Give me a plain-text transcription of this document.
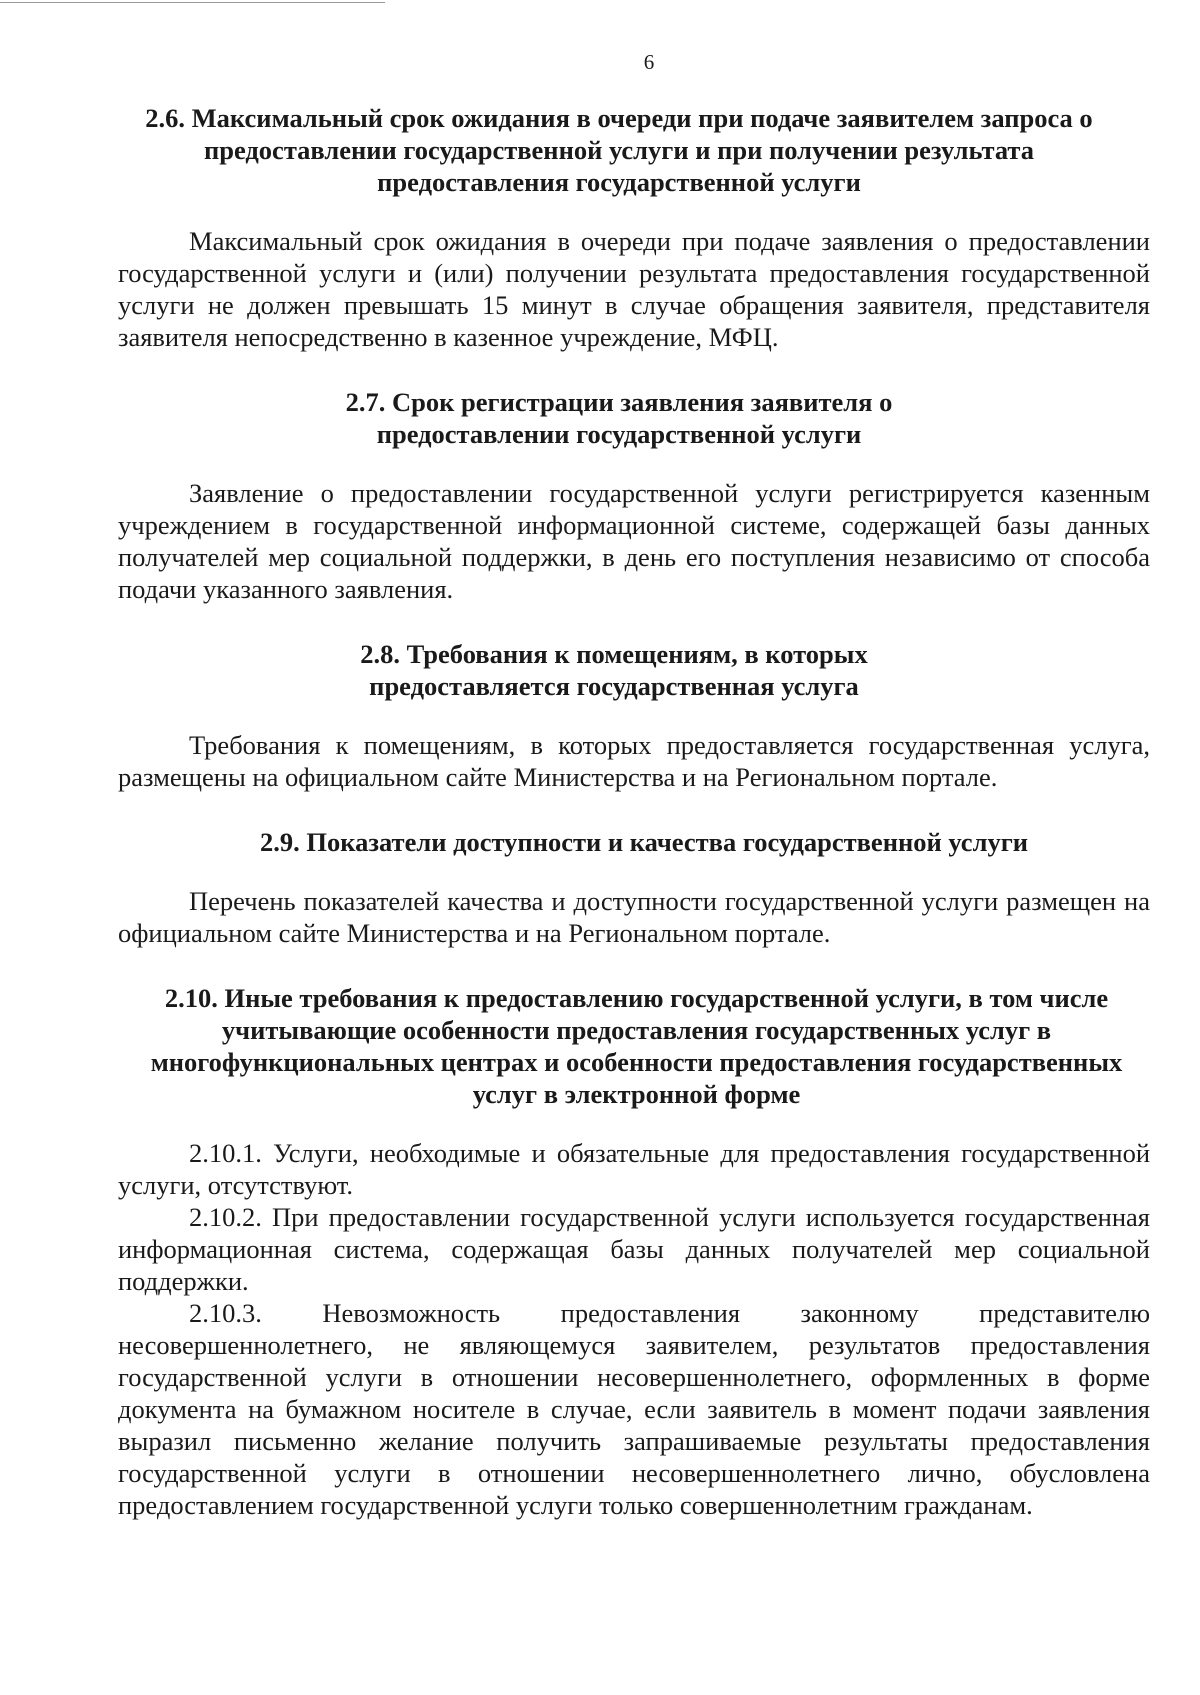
6
2.6. Максимальный срок ожидания в очереди при подаче заявителем запроса о предоставлении государственной услуги и при получении результата предоставления государственной услуги

Максимальный срок ожидания в очереди при подаче заявления о предоставлении государственной услуги и (или) получении результата предоставления государственной услуги не должен превышать 15 минут в случае обращения заявителя, представителя заявителя непосредственно в казенное учреждение, МФЦ.

2.7. Срок регистрации заявления заявителя о предоставлении государственной услуги

Заявление о предоставлении государственной услуги регистрируется казенным учреждением в государственной информационной системе, содержащей базы данных получателей мер социальной поддержки, в день его поступления независимо от способа подачи указанного заявления.

2.8. Требования к помещениям, в которых предоставляется государственная услуга

Требования к помещениям, в которых предоставляется государственная услуга, размещены на официальном сайте Министерства и на Региональном портале.

2.9. Показатели доступности и качества государственной услуги

Перечень показателей качества и доступности государственной услуги размещен на официальном сайте Министерства и на Региональном портале.

2.10. Иные требования к предоставлению государственной услуги, в том числе учитывающие особенности предоставления государственных услуг в многофункциональных центрах и особенности предоставления государственных услуг в электронной форме

2.10.1. Услуги, необходимые и обязательные для предоставления государственной услуги, отсутствуют.

2.10.2. При предоставлении государственной услуги используется государственная информационная система, содержащая базы данных получателей мер социальной поддержки.

2.10.3. Невозможность предоставления законному представителю несовершеннолетнего, не являющемуся заявителем, результатов предоставления государственной услуги в отношении несовершеннолетнего, оформленных в форме документа на бумажном носителе в случае, если заявитель в момент подачи заявления выразил письменно желание получить запрашиваемые результаты предоставления государственной услуги в отношении несовершеннолетнего лично, обусловлена предоставлением государственной услуги только совершеннолетним гражданам.
